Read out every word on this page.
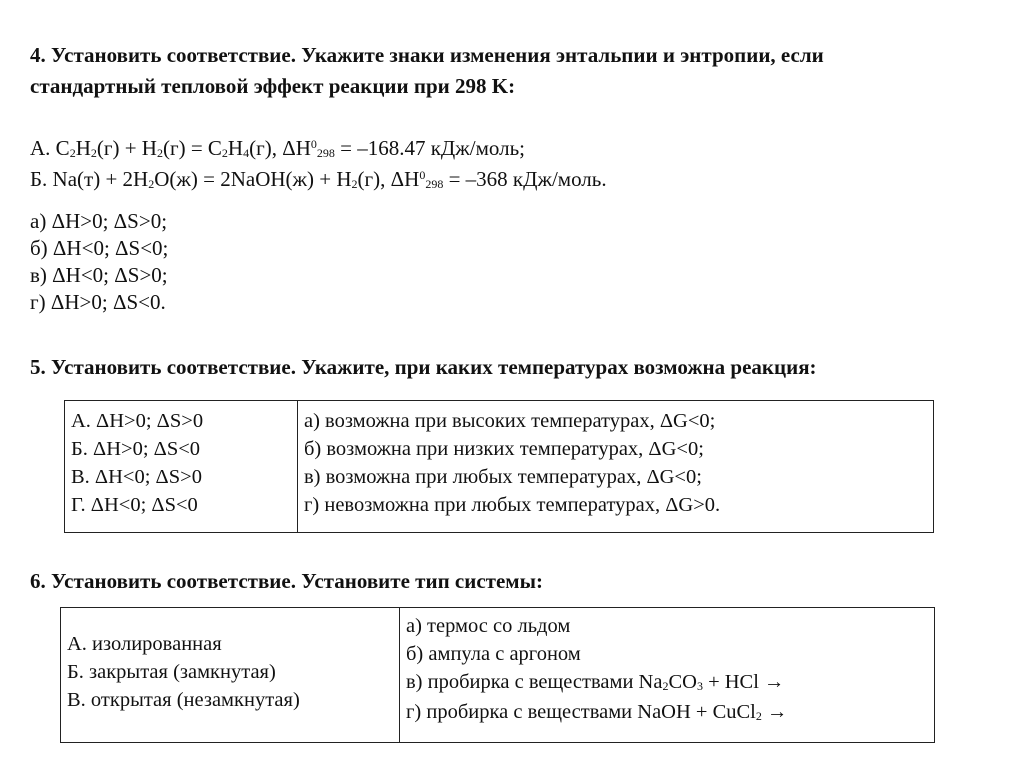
4. Установить соответствие. Укажите знаки изменения энтальпии и энтропии, если
стандартный тепловой эффект реакции при 298 K:
А. $C_2H_2(г) + H_2(г) = C_2H_4(г)$, $\Delta H^0_{298} = -168.47$ кДж/моль;
Б. $Na(т) + 2H_2O(ж)$ = 2NaOH(ж) + $H_2(г)$, $\Delta H^0_{298} = -368$ кДж/моль.
а) ΔH>0; ΔS>0;
б) ΔH<0; ΔS<0;
в) ΔH<0; ΔS>0;
г) ΔH>0; ΔS<0.
5. Установить соответствие. Укажите, при каких температурах возможна реакция:
А. ΔH>0; ΔS>0
Б. ΔH>0; ΔS<0
В. ΔH<0; ΔS>0
Г. ΔH<0; ΔS<0

а) возможна при высоких температурах, ΔG<0;
б) возможна при низких температурах, ΔG<0;
в) возможна при любых температурах, ΔG<0;
г) невозможна при любых температурах, ΔG>0.
6. Установить соответствие. Установите тип системы:
А. изолированная
Б. закрытая (замкнутая)
В. открытая (незамкнутая)

а) термос со льдом
б) ампула с аргоном
в) пробирка с веществами $Na_2CO_3$ + HCl →
г) пробирка с веществами NaOH + CuCl$_2$ →
